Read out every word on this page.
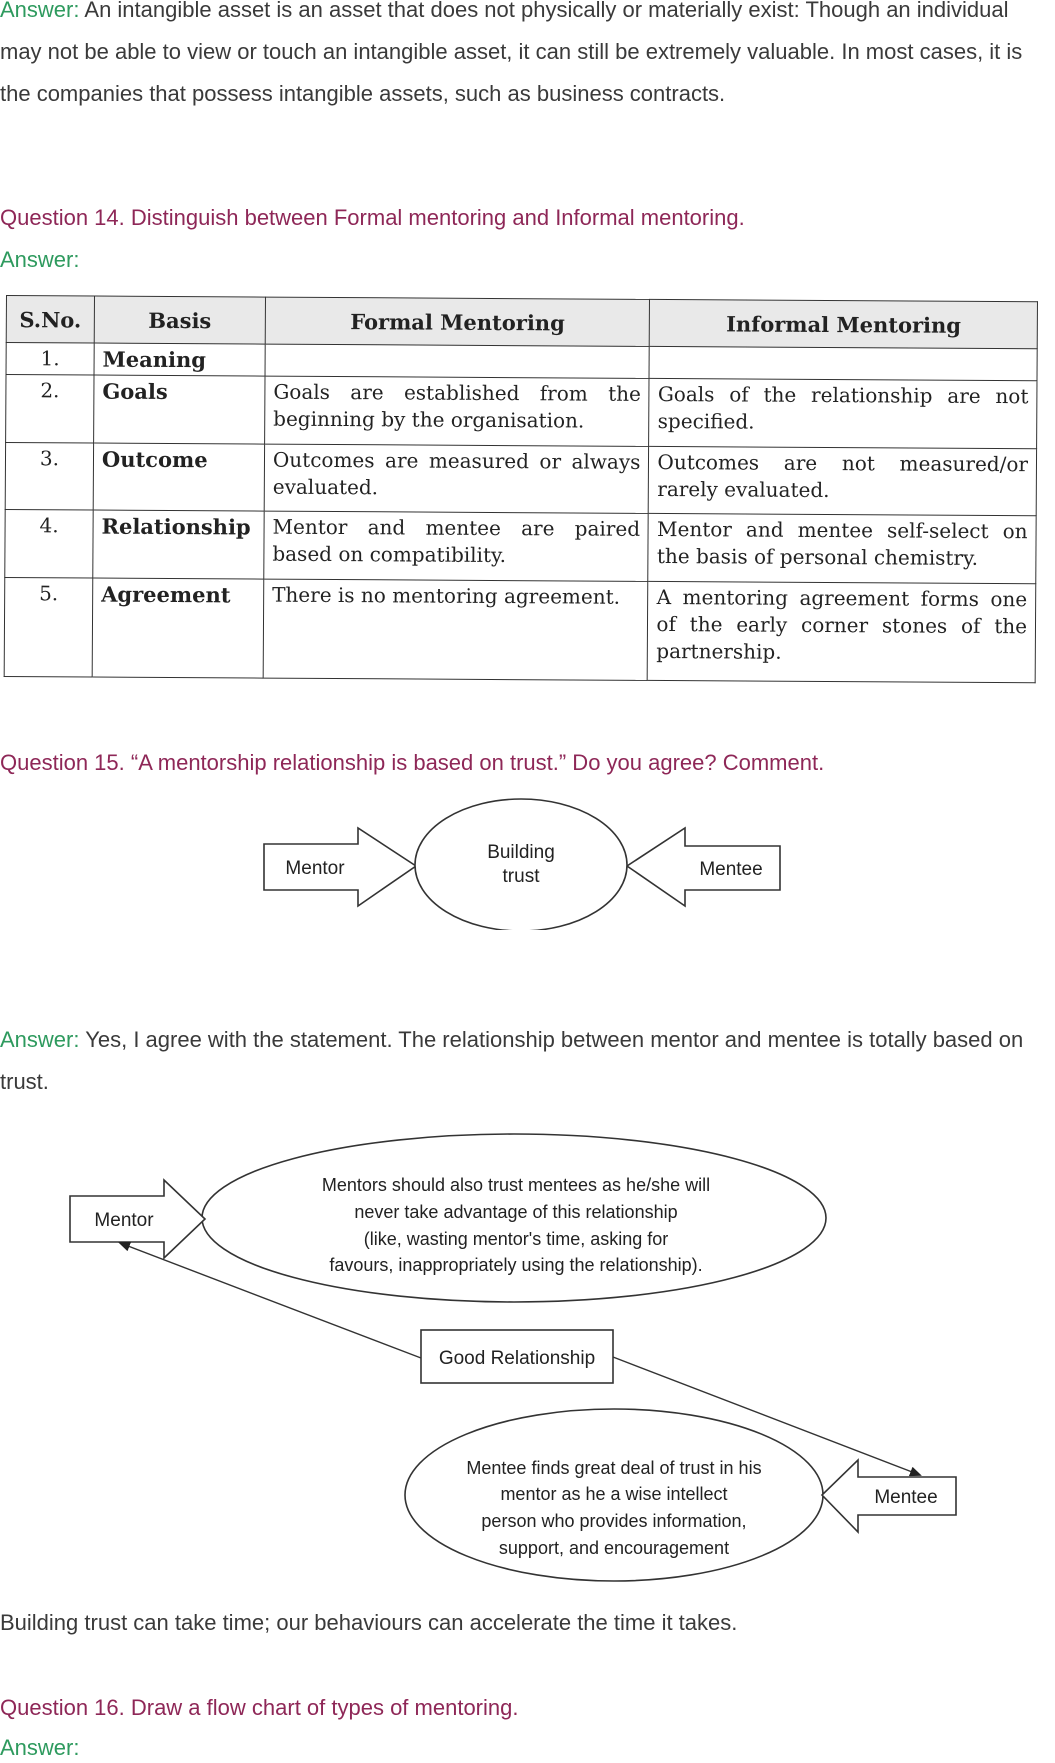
Answer: An intangible asset is an asset that does not physically or materially exist: Though an individual may not be able to view or touch an intangible asset, it can still be extremely valuable. In most cases, it is the companies that possess intangible assets, such as business contracts.
Question 14. Distinguish between Formal mentoring and Informal mentoring.
Answer:
S.No.	Basis	Formal Mentoring	Informal Mentoring
1.	Meaning		
2.	Goals	Goals are established from the beginning by the organisation.	Goals of the relationship are not specified.
3.	Outcome	Outcomes are measured or always evaluated.	Outcomes are not measured/or rarely evaluated.
4.	Relationship	Mentor and mentee are paired based on compatibility.	Mentor and mentee self-select on the basis of personal chemistry.
5.	Agreement	There is no mentoring agreement.	A mentoring agreement forms one of the early corner stones of the partnership.
Question 15. “A mentorship relationship is based on trust.” Do you agree? Comment.
Mentor
Building
trust	Mentee
Answer: Yes, I agree with the statement. The relationship between mentor and mentee is totally based on trust.
Mentor
Good Relationship
Mentee
Mentors should also trust mentees as he/she will
never take advantage of this relationship
(like, wasting mentor's time, asking for
favours, inappropriately using the relationship).
Mentee finds great deal of trust in his
mentor as he a wise intellect
person who provides information,
support, and encouragement
Building trust can take time; our behaviours can accelerate the time it takes.
Question 16. Draw a flow chart of types of mentoring.
Answer:
